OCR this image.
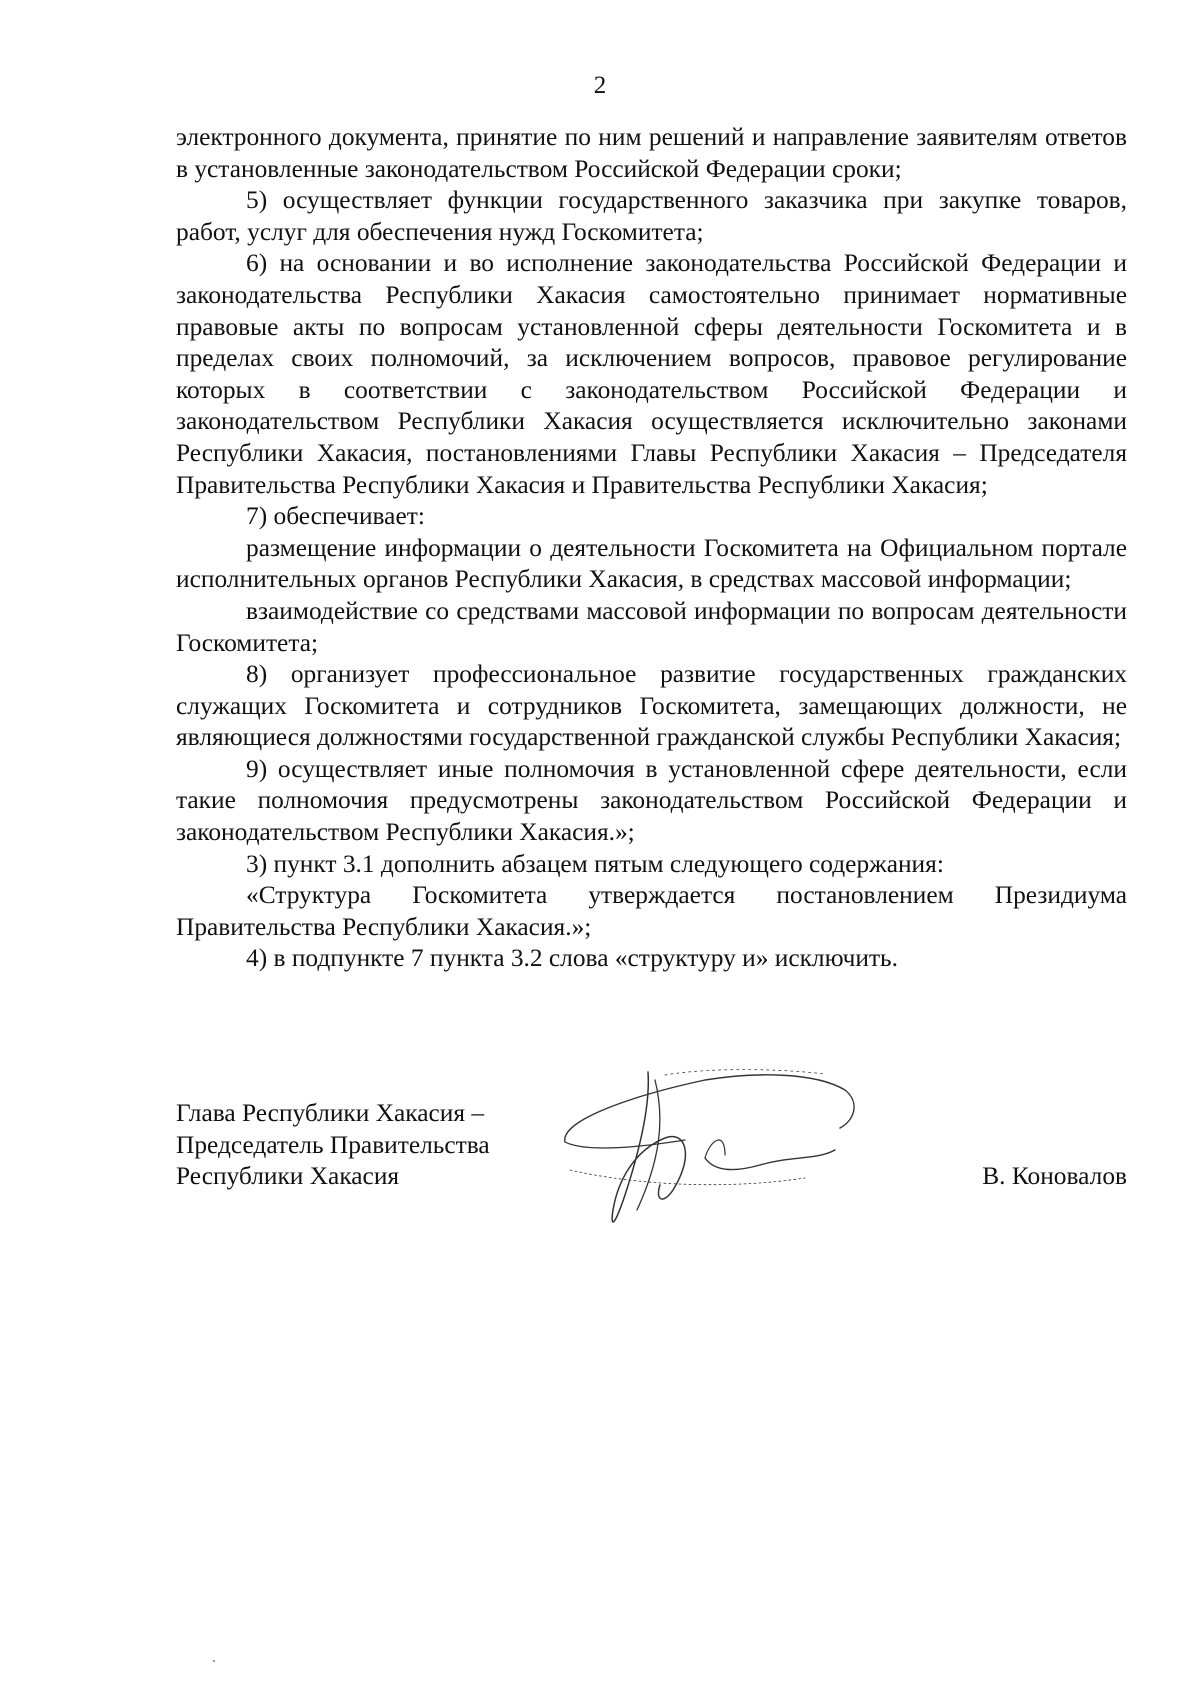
2

электронного документа, принятие по ним решений и направление заявителям ответов в установленные законодательством Российской Федерации сроки;

5) осуществляет функции государственного заказчика при закупке товаров, работ, услуг для обеспечения нужд Госкомитета;

6) на основании и во исполнение законодательства Российской Федерации и законодательства Республики Хакасия самостоятельно принимает нормативные правовые акты по вопросам установленной сферы деятельности Госкомитета и в пределах своих полномочий, за исключением вопросов, правовое регулирование которых в соответствии с законодательством Российской Федерации и законодательством Республики Хакасия осуществляется исключительно законами Республики Хакасия, постановлениями Главы Республики Хакасия – Председателя Правительства Республики Хакасия и Правительства Республики Хакасия;

7) обеспечивает:

размещение информации о деятельности Госкомитета на Официальном портале исполнительных органов Республики Хакасия, в средствах массовой информации;

взаимодействие со средствами массовой информации по вопросам деятельности Госкомитета;

8) организует профессиональное развитие государственных гражданских служащих Госкомитета и сотрудников Госкомитета, замещающих должности, не являющиеся должностями государственной гражданской службы Республики Хакасия;

9) осуществляет иные полномочия в установленной сфере деятельности, если такие полномочия предусмотрены законодательством Российской Федерации и законодательством Республики Хакасия.»;

3) пункт 3.1 дополнить абзацем пятым следующего содержания:

«Структура Госкомитета утверждается постановлением Президиума Правительства Республики Хакасия.»;

4) в подпункте 7 пункта 3.2 слова «структуру и» исключить.

Глава Республики Хакасия –
Председатель Правительства
Республики Хакасия	В. Коновалов
